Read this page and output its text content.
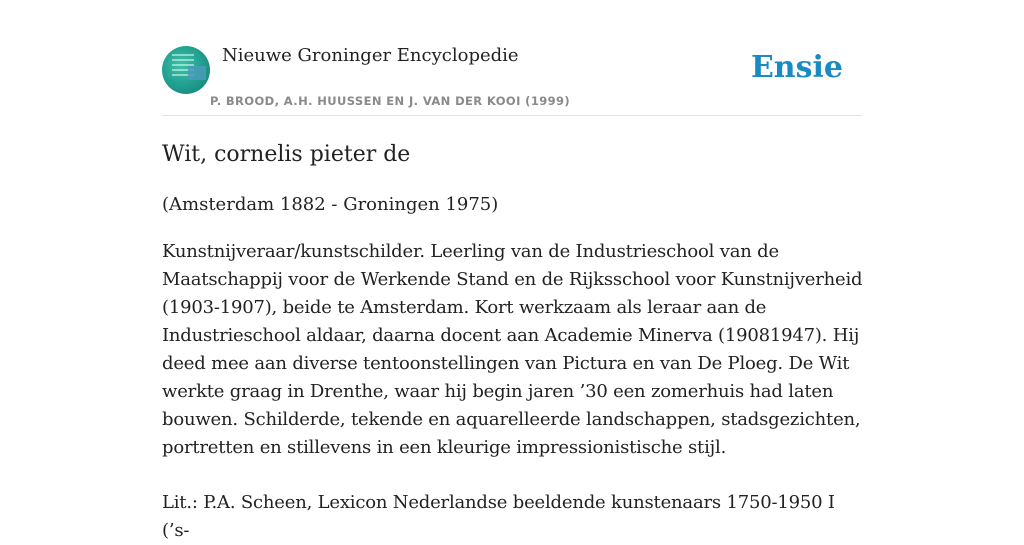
Nieuwe Groninger Encyclopedie
P. BROOD, A.H. HUUSSEN EN J. VAN DER KOOI (1999)
Ensie
Wit, cornelis pieter de

(Amsterdam 1882 - Groningen 1975)

Kunstnijveraar/kunstschilder. Leerling van de Industrieschool van de Maatschappij voor de Werkende Stand en de Rijksschool voor Kunstnijverheid (1903-1907), beide te Amsterdam. Kort werkzaam als leraar aan de Industrieschool aldaar, daarna docent aan Academie Minerva (19081947). Hij deed mee aan diverse tentoonstellingen van Pictura en van De Ploeg. De Wit werkte graag in Drenthe, waar hij begin jaren ’30 een zomerhuis had laten bouwen. Schilderde, tekende en aquarelleerde landschappen, stadsgezichten, portretten en stillevens in een kleurige impressionistische stijl.

Lit.: P.A. Scheen, Lexicon Nederlandse beeldende kunstenaars 1750-1950 I (’s-
